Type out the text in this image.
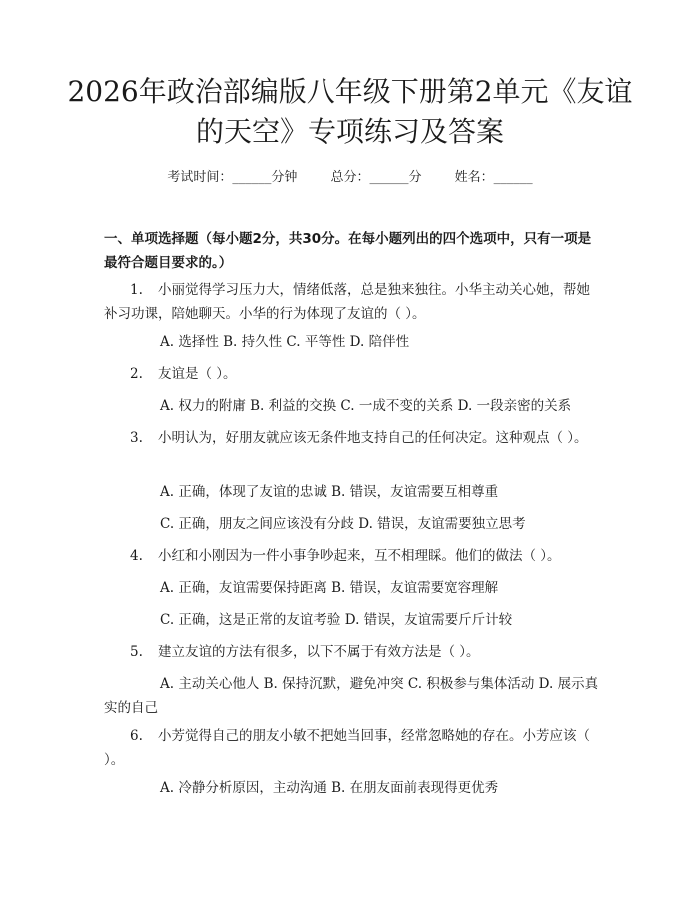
2026年政治部编版八年级下册第2单元《友谊的天空》专项练习及答案
考试时间：______分钟	总分：______分	姓名：______
一、单项选择题（每小题2分，共30分。在每小题列出的四个选项中，只有一项是最符合题目要求的。）
1. 小丽觉得学习压力大，情绪低落，总是独来独往。小华主动关心她，帮她补习功课，陪她聊天。小华的行为体现了友谊的（ ）。
A. 选择性 B. 持久性 C. 平等性 D. 陪伴性
2. 友谊是（ ）。
A. 权力的附庸 B. 利益的交换 C. 一成不变的关系 D. 一段亲密的关系
3. 小明认为，好朋友就应该无条件地支持自己的任何决定。这种观点（ ）。
A. 正确，体现了友谊的忠诚 B. 错误，友谊需要互相尊重
C. 正确，朋友之间应该没有分歧 D. 错误，友谊需要独立思考
4. 小红和小刚因为一件小事争吵起来，互不相理睬。他们的做法（ ）。
A. 正确，友谊需要保持距离 B. 错误，友谊需要宽容理解
C. 正确，这是正常的友谊考验 D. 错误，友谊需要斤斤计较
5. 建立友谊的方法有很多，以下不属于有效方法是（ ）。
A. 主动关心他人 B. 保持沉默，避免冲突 C. 积极参与集体活动 D. 展示真实的自己
6. 小芳觉得自己的朋友小敏不把她当回事，经常忽略她的存在。小芳应该（ ）。
A. 冷静分析原因，主动沟通 B. 在朋友面前表现得更优秀
